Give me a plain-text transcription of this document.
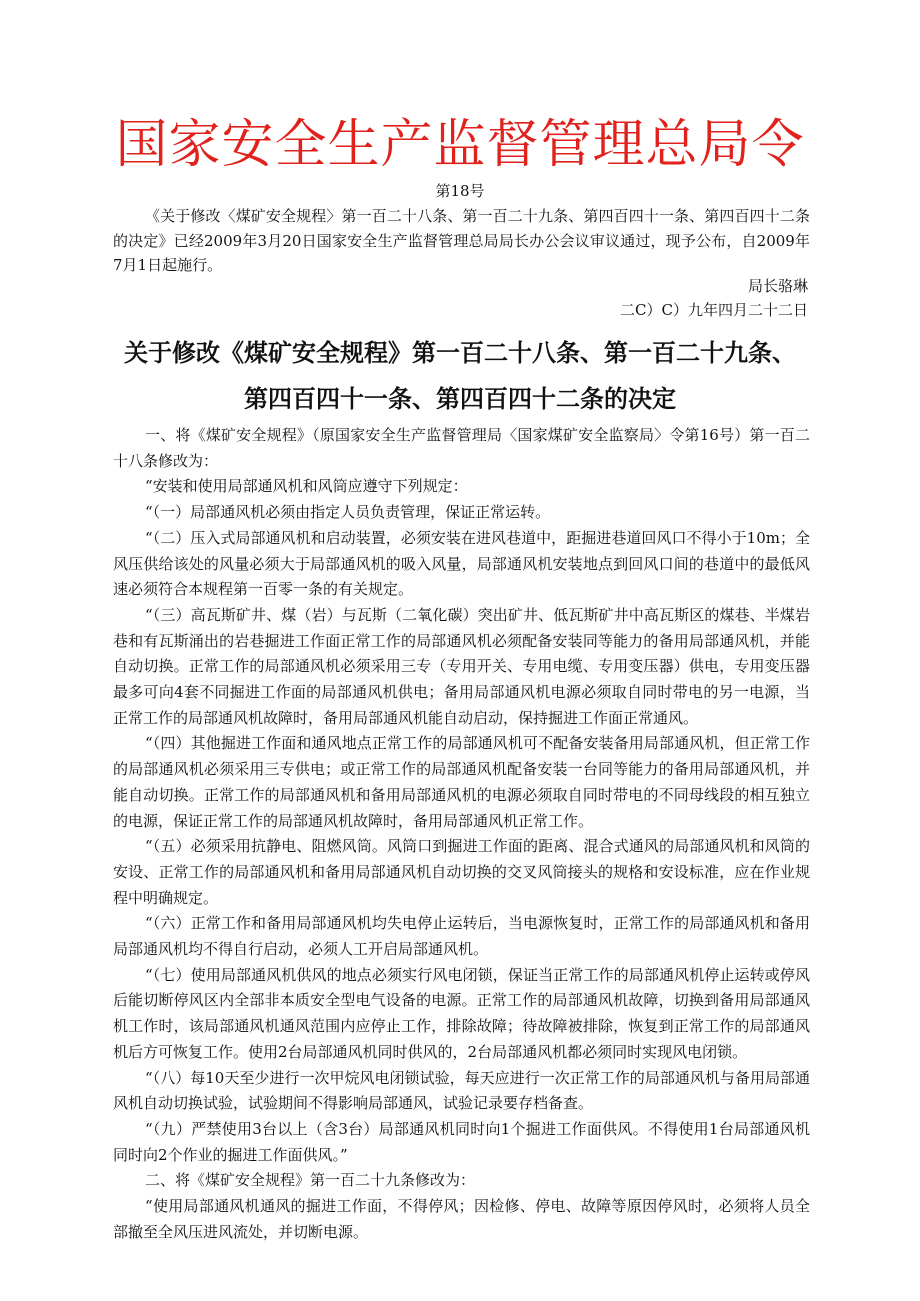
国家安全生产监督管理总局令
第18号
《关于修改〈煤矿安全规程〉第一百二十八条、第一百二十九条、第四百四十一条、第四百四十二条的决定》已经2009年3月20日国家安全生产监督管理总局局长办公会议审议通过，现予公布，自2009年7月1日起施行。
局长骆琳
二C）C）九年四月二十二日
关于修改《煤矿安全规程》第一百二十八条、第一百二十九条、
第四百四十一条、第四百四十二条的决定

一、将《煤矿安全规程》（原国家安全生产监督管理局〈国家煤矿安全监察局〉令第16号）第一百二十八条修改为：

“安装和使用局部通风机和风筒应遵守下列规定：

“（一）局部通风机必须由指定人员负责管理，保证正常运转。

“（二）压入式局部通风机和启动装置，必须安装在进风巷道中，距掘进巷道回风口不得小于10m；全风压供给该处的风量必须大于局部通风机的吸入风量，局部通风机安装地点到回风口间的巷道中的最低风速必须符合本规程第一百零一条的有关规定。

“（三）高瓦斯矿井、煤（岩）与瓦斯（二氧化碳）突出矿井、低瓦斯矿井中高瓦斯区的煤巷、半煤岩巷和有瓦斯涌出的岩巷掘进工作面正常工作的局部通风机必须配备安装同等能力的备用局部通风机，并能自动切换。正常工作的局部通风机必须采用三专（专用开关、专用电缆、专用变压器）供电，专用变压器最多可向4套不同掘进工作面的局部通风机供电；备用局部通风机电源必须取自同时带电的另一电源，当正常工作的局部通风机故障时，备用局部通风机能自动启动，保持掘进工作面正常通风。

“（四）其他掘进工作面和通风地点正常工作的局部通风机可不配备安装备用局部通风机，但正常工作的局部通风机必须采用三专供电；或正常工作的局部通风机配备安装一台同等能力的备用局部通风机，并能自动切换。正常工作的局部通风机和备用局部通风机的电源必须取自同时带电的不同母线段的相互独立的电源，保证正常工作的局部通风机故障时，备用局部通风机正常工作。

“（五）必须采用抗静电、阻燃风筒。风筒口到掘进工作面的距离、混合式通风的局部通风机和风筒的安设、正常工作的局部通风机和备用局部通风机自动切换的交叉风筒接头的规格和安设标准，应在作业规程中明确规定。

“（六）正常工作和备用局部通风机均失电停止运转后，当电源恢复时，正常工作的局部通风机和备用局部通风机均不得自行启动，必须人工开启局部通风机。

“（七）使用局部通风机供风的地点必须实行风电闭锁，保证当正常工作的局部通风机停止运转或停风后能切断停风区内全部非本质安全型电气设备的电源。正常工作的局部通风机故障，切换到备用局部通风机工作时，该局部通风机通风范围内应停止工作，排除故障；待故障被排除，恢复到正常工作的局部通风机后方可恢复工作。使用2台局部通风机同时供风的，2台局部通风机都必须同时实现风电闭锁。

“（八）每10天至少进行一次甲烷风电闭锁试验，每天应进行一次正常工作的局部通风机与备用局部通风机自动切换试验，试验期间不得影响局部通风，试验记录要存档备查。

“（九）严禁使用3台以上（含3台）局部通风机同时向1个掘进工作面供风。不得使用1台局部通风机同时向2个作业的掘进工作面供风。”

二、将《煤矿安全规程》第一百二十九条修改为：

“使用局部通风机通风的掘进工作面，不得停风；因检修、停电、故障等原因停风时，必须将人员全部撤至全风压进风流处，并切断电源。
